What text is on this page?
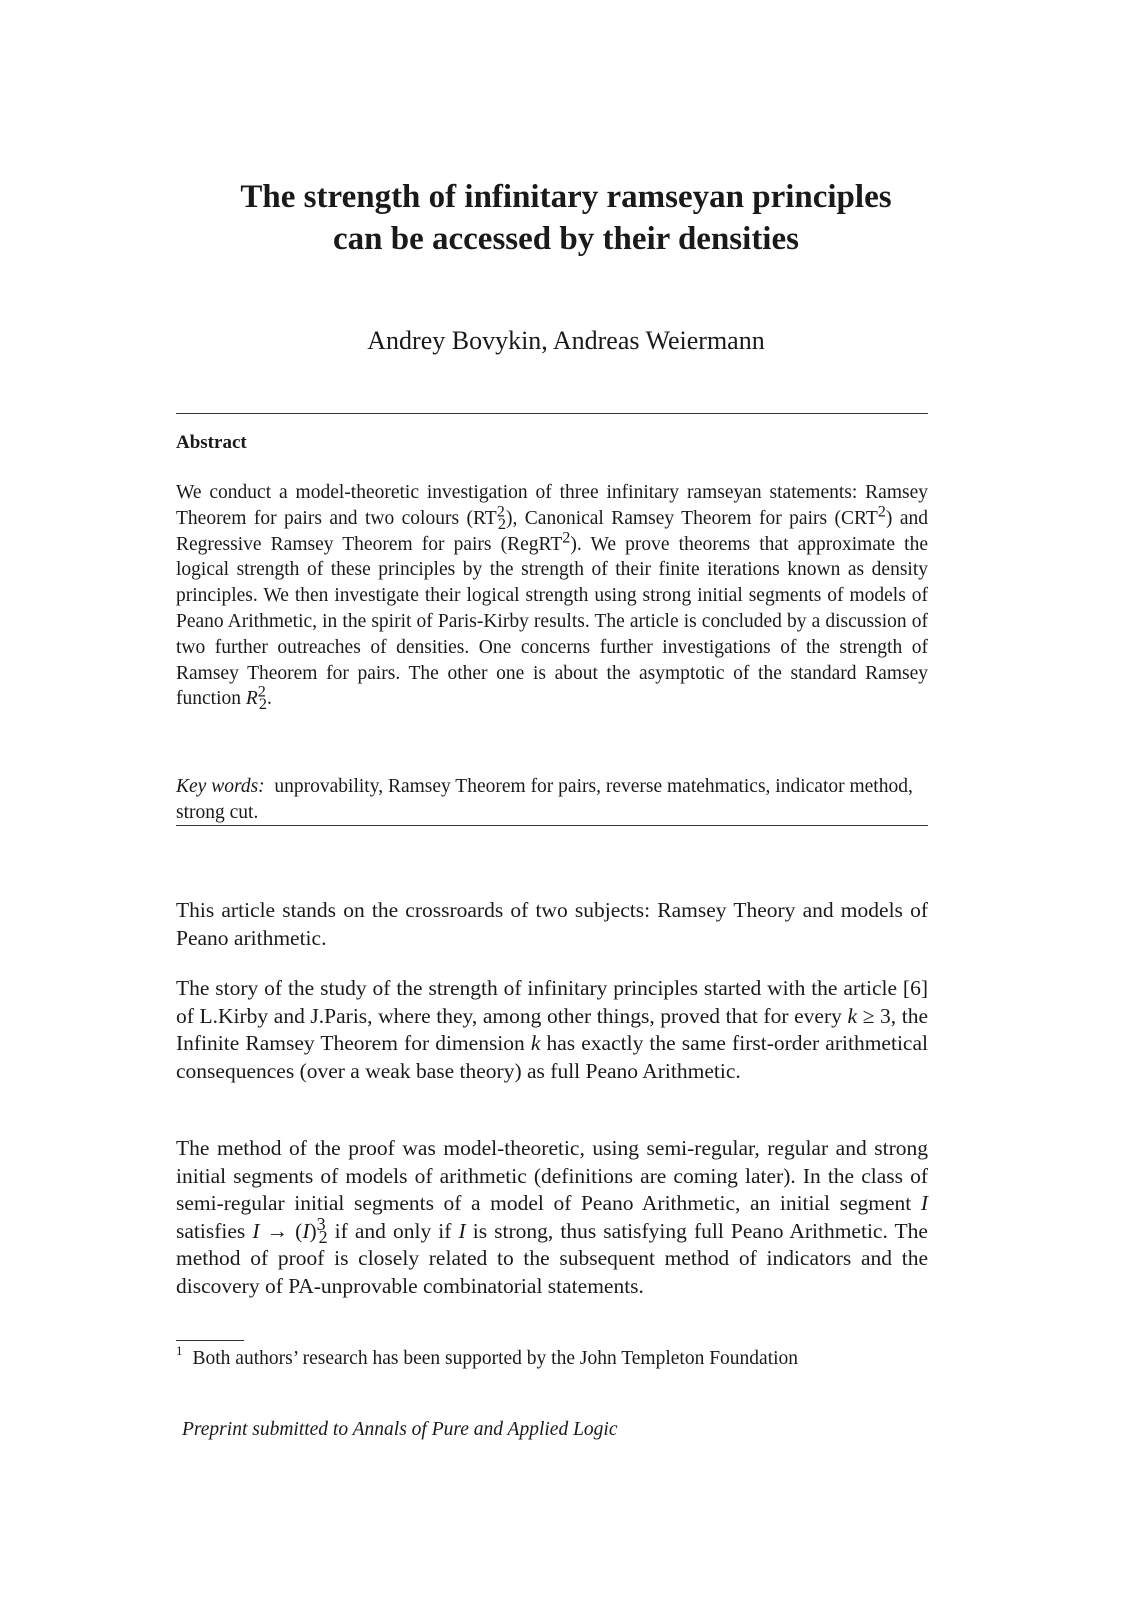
The strength of infinitary ramseyan principles
can be accessed by their densities
Andrey Bovykin, Andreas Weiermann
Abstract

We conduct a model-theoretic investigation of three infinitary ramseyan statements: Ramsey Theorem for pairs and two colours $(RT^2_2)$, Canonical Ramsey Theorem for pairs (CRT$^2$) and Regressive Ramsey Theorem for pairs (RegRT$^2$). We prove theorems that approximate the logical strength of these principles by the strength of their finite iterations known as density principles. We then investigate their logical strength using strong initial segments of models of Peano Arithmetic, in the spirit of Paris-Kirby results. The article is concluded by a discussion of two further outreaches of densities. One concerns further investigations of the strength of Ramsey Theorem for pairs. The other one is about the asymptotic of the standard Ramsey function $R^2_2$.

Key words: unprovability, Ramsey Theorem for pairs, reverse matehmatics, indicator method, strong cut.

This article stands on the crossroards of two subjects: Ramsey Theory and models of Peano arithmetic.

The story of the study of the strength of infinitary principles started with the article [6] of L.Kirby and J.Paris, where they, among other things, proved that for every k ≥ 3, the Infinite Ramsey Theorem for dimension k has exactly the same first-order arithmetical consequences (over a weak base theory) as full Peano Arithmetic.

The method of the proof was model-theoretic, using semi-regular, regular and strong initial segments of models of arithmetic (definitions are coming later). In the class of semi-regular initial segments of a model of Peano Arithmetic, an initial segment I satisfies $I \to (I)^3_2$ if and only if I is strong, thus satisfying full Peano Arithmetic. The method of proof is closely related to the subsequent method of indicators and the discovery of PA-unprovable combinatorial statements.

$^1$ Both authors’ research has been supported by the John Templeton Foundation
Preprint submitted to Annals of Pure and Applied Logic
